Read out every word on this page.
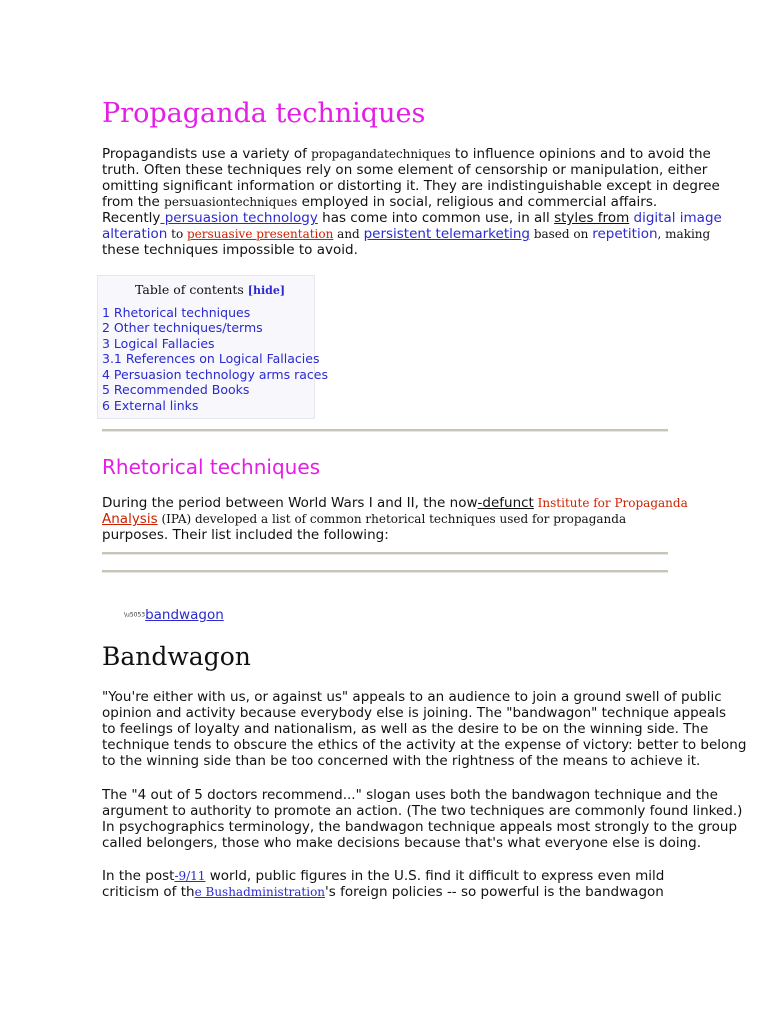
Propaganda techniques
Propagandists use a variety of propagandatechniques to influence opinions and to avoid the
truth. Often these techniques rely on some element of censorship or manipulation, either
omitting significant information or distorting it. They are indistinguishable except in degree
from the persuasiontechniques employed in social, religious and commercial affairs.
Recently persuasion technology has come into common use, in all styles from digital image
alteration to persuasive presentation and persistent telemarketing based on repetition, making
these techniques impossible to avoid.
Table of contents [hide]
1 Rhetorical techniques
2 Other techniques/terms
3 Logical Fallacies
3.1 References on Logical Fallacies
4 Persuasion technology arms races
5 Recommended Books
6 External links
Rhetorical techniques
During the period between World Wars I and II, the now-defunct Institute for Propaganda
Analysis (IPA) developed a list of common rhetorical techniques used for propaganda
purposes. Their list included the following:
\u5053bandwagon
Bandwagon
"You're either with us, or against us" appeals to an audience to join a ground swell of public
opinion and activity because everybody else is joining. The "bandwagon" technique appeals
to feelings of loyalty and nationalism, as well as the desire to be on the winning side. The
technique tends to obscure the ethics of the activity at the expense of victory: better to belong
to the winning side than be too concerned with the rightness of the means to achieve it.
The "4 out of 5 doctors recommend..." slogan uses both the bandwagon technique and the
argument to authority to promote an action. (The two techniques are commonly found linked.)
In psychographics terminology, the bandwagon technique appeals most strongly to the group
called belongers, those who make decisions because that's what everyone else is doing.
In the post-9/11 world, public figures in the U.S. find it difficult to express even mild
criticism of the Bushadministration's foreign policies -- so powerful is the bandwagon
